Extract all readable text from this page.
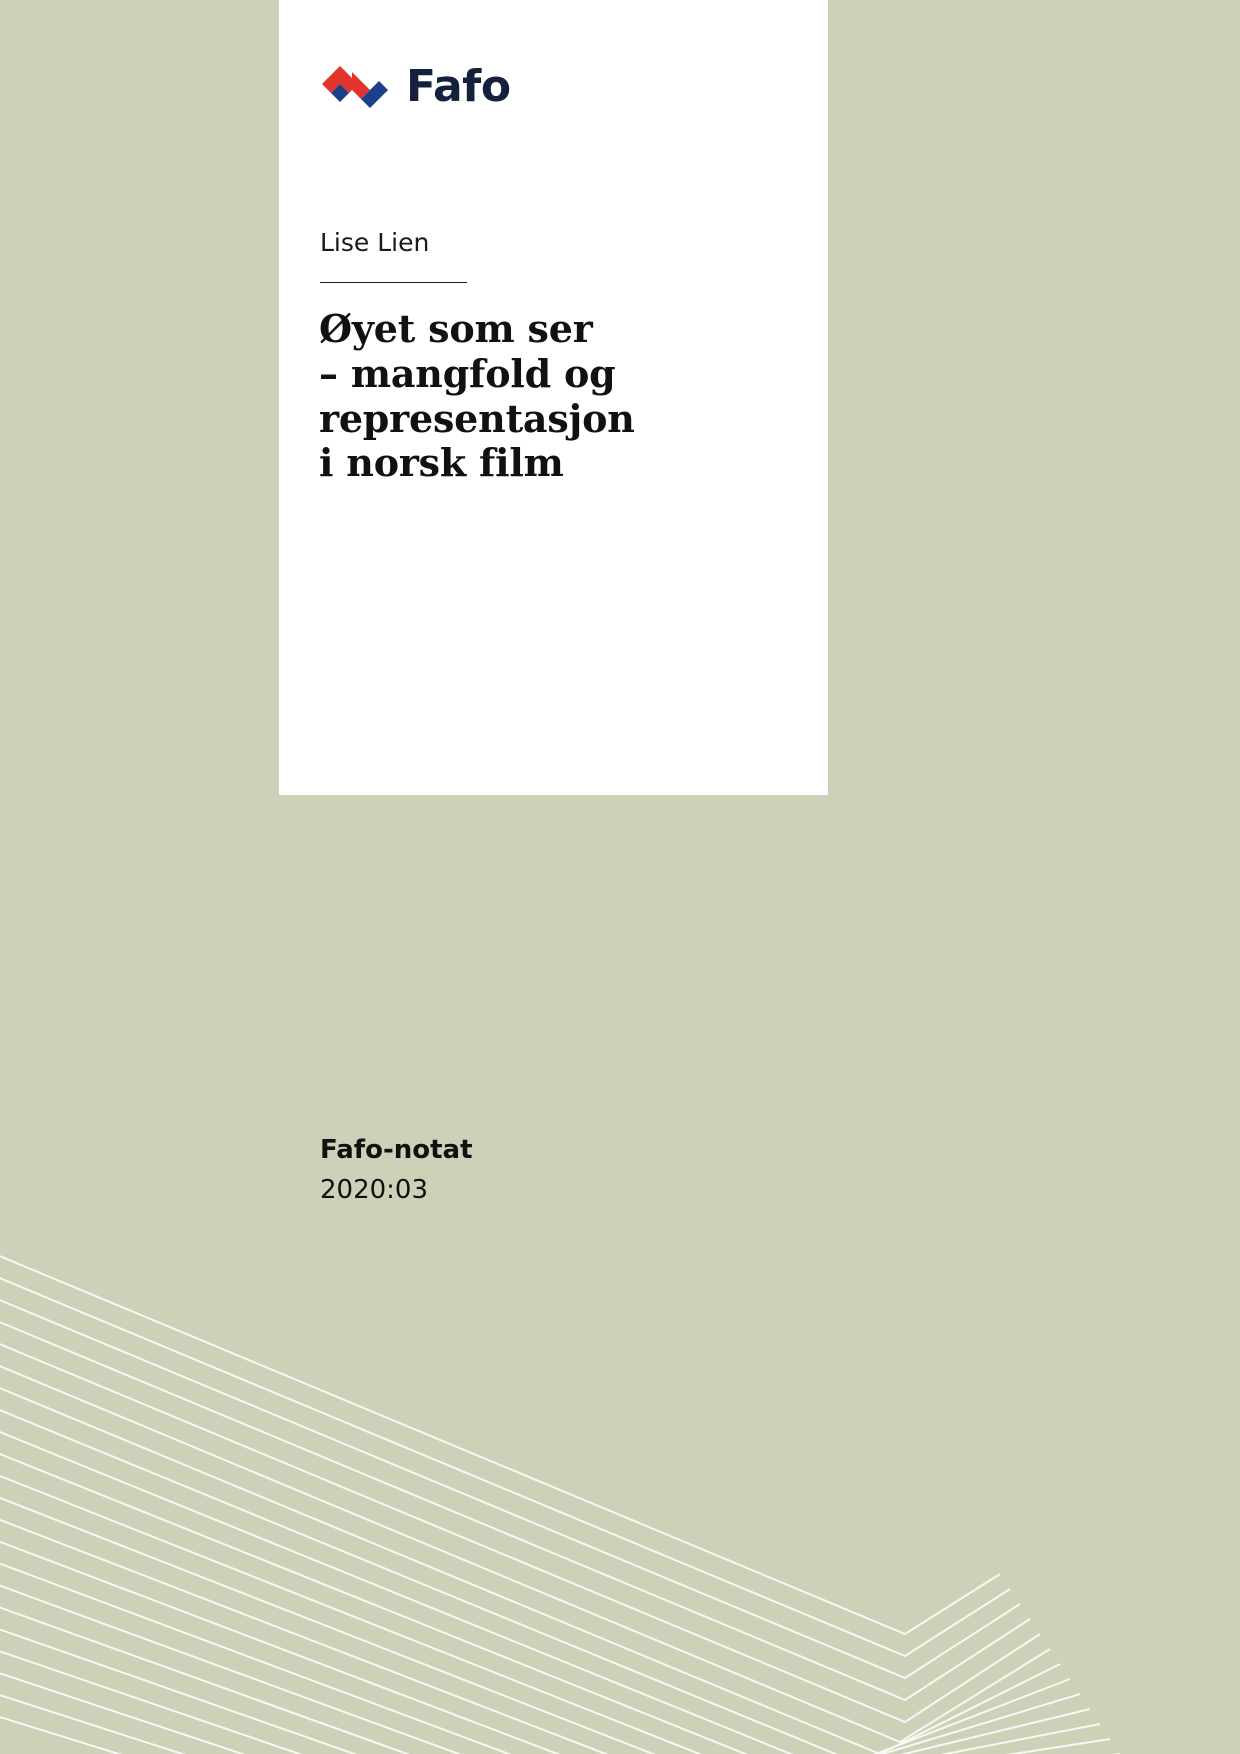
Fafo
Lise Lien
Øyet som ser
– mangfold og
representasjon
i norsk film
Fafo-notat
2020:03
